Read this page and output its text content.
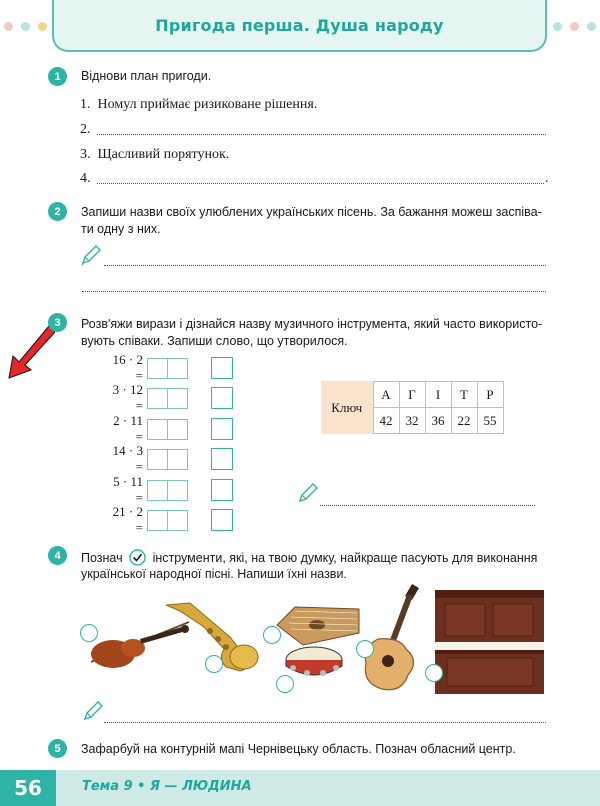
Пригода перша. Душа народу
1	Віднови план пригоди.
1. Номул приймає ризиковане рішення.
2.
3. Щасливий порятунок.
4.	.
2	Запиши назви своїх улюблених українських пісень. За бажання можеш заспіва-
ти одну з них.
3	Розв'яжи вирази і дізнайся назву музичного інструмента, який часто використо-
вують співаки. Запиши слово, що утворилося.
16 · 2 =
3 · 12 =
2 · 11 =
14 · 3 =
5 · 11 =
21 · 2 =
Ключ	А	Г	І	Т	Р
	42	32	36	22	55
4	Познач інструменти, які, на твою думку, найкраще пасують для виконання
української народної пісні. Напиши їхні назви.
5	Зафарбуй на контурній мапі Чернівецьку область. Познач обласний центр.
56	Тема 9 • Я — ЛЮДИНА
